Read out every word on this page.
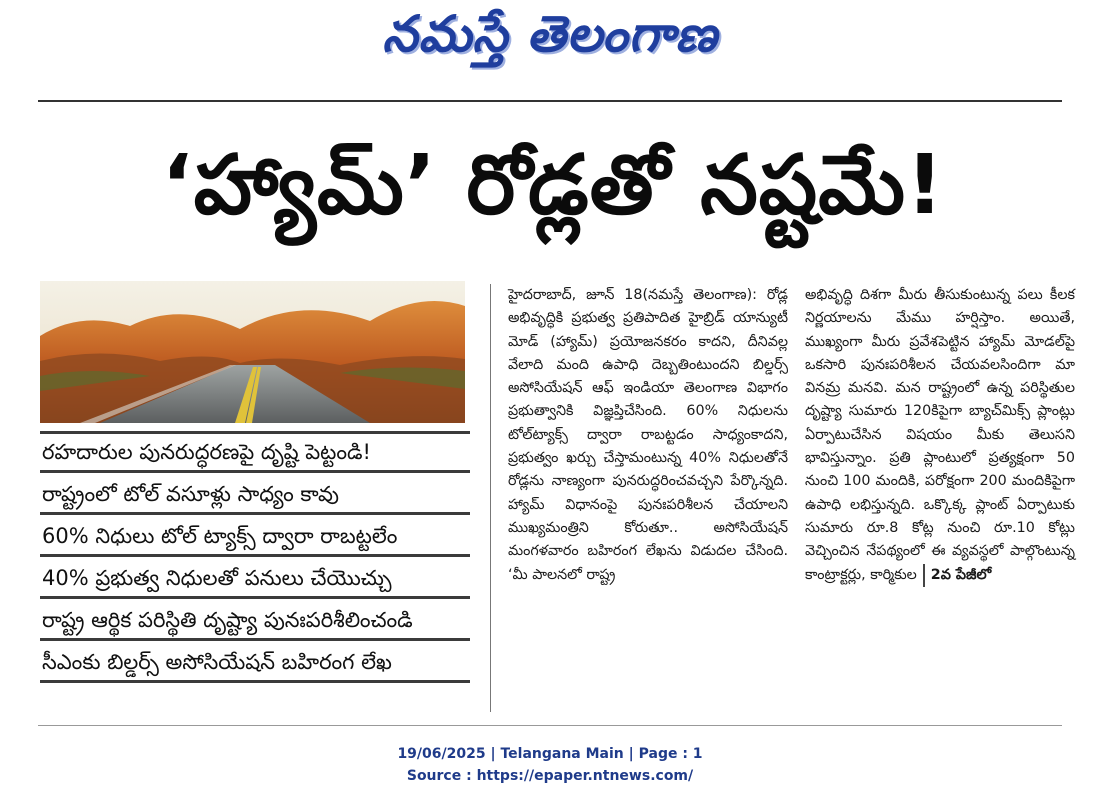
నమస్తే తెలంగాణ
‘హ్యామ్’ రోడ్లతో నష్టమే!
రహదారుల పునరుద్ధరణపై దృష్టి పెట్టండి!
రాష్ట్రంలో టోల్ వసూళ్లు సాధ్యం కావు
60% నిధులు టోల్ ట్యాక్స్ ద్వారా రాబట్టలేం
40% ప్రభుత్వ నిధులతో పనులు చేయొచ్చు
రాష్ట్ర ఆర్థిక పరిస్థితి దృష్ట్యా పునఃపరిశీలించండి
సీఎంకు బిల్డర్స్ అసోసియేషన్ బహిరంగ లేఖ

హైదరాబాద్, జూన్ 18(నమస్తే తెలంగాణ): రోడ్ల అభివృద్ధికి ప్రభుత్వ ప్రతిపాదిత హైబ్రిడ్ యాన్యుటీ మోడ్ (హ్యామ్) ప్రయోజనకరం కాదని, దీనివల్ల వేలాది మంది ఉపాధి దెబ్బతింటుందని బిల్డర్స్ అసోసియేషన్ ఆఫ్ ఇండియా తెలంగాణ విభాగం ప్రభుత్వానికి విజ్ఞప్తిచేసింది. 60% నిధులను టోల్‌ట్యాక్స్ ద్వారా రాబట్టడం సాధ్యంకాదని, ప్రభుత్వం ఖర్చు చేస్తామంటున్న 40% నిధులతోనే రోడ్లను నాణ్యంగా పునరుద్ధరించవచ్చని పేర్కొన్నది. హ్యామ్ విధానంపై పునఃపరిశీలన చేయాలని ముఖ్యమంత్రిని కోరుతూ.. అసోసియేషన్ మంగళవారం బహిరంగ లేఖను విడుదల చేసింది. ‘మీ పాలనలో రాష్ట్ర

అభివృద్ధి దిశగా మీరు తీసుకుంటున్న పలు కీలక నిర్ణయాలను మేము హర్షిస్తాం. అయితే, ముఖ్యంగా మీరు ప్రవేశపెట్టిన హ్యామ్ మోడల్‌పై ఒకసారి పునఃపరిశీలన చేయవలసిందిగా మా వినమ్ర మనవి. మన రాష్ట్రంలో ఉన్న పరిస్థితుల దృష్ట్యా సుమారు 120కిపైగా బ్యాచ్‌మిక్స్ ప్లాంట్లు ఏర్పాటుచేసిన విషయం మీకు తెలుసని భావిస్తున్నాం. ప్రతి ప్లాంటులో ప్రత్యక్షంగా 50 నుంచి 100 మందికి, పరోక్షంగా 200 మందికిపైగా ఉపాధి లభిస్తున్నది. ఒక్కొక్క ప్లాంట్ ఏర్పాటుకు సుమారు రూ.8 కోట్ల నుంచి రూ.10 కోట్లు వెచ్చించిన నేపథ్యంలో ఈ వ్యవస్థలో పాల్గొంటున్న కాంట్రాక్టర్లు, కార్మికుల 2వ పేజీలో

19/06/2025 | Telangana Main | Page : 1
Source : https://epaper.ntnews.com/
